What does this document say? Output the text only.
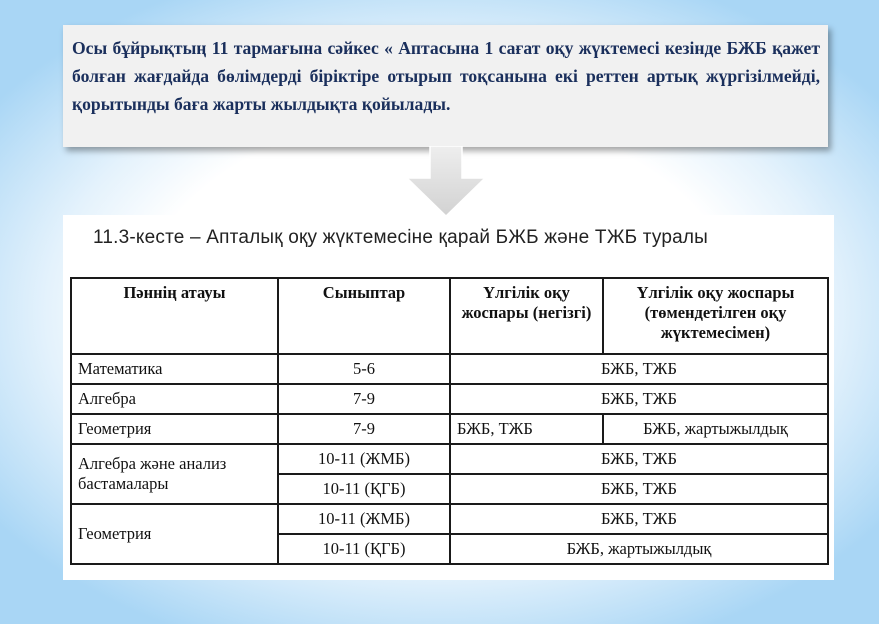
Осы бұйрықтың 11 тармағына сәйкес « Аптасына 1 сағат оқу жүктемесі кезінде БЖБ қажет болған жағдайда бөлімдерді біріктіре отырып тоқсанына екі реттен артық жүргізілмейді, қорытынды баға жарты жылдықта қойылады.

11.3-кесте – Апталық оқу жүктемесіне қарай БЖБ және ТЖБ туралы
Пәннің атауы	Сыныптар	Үлгілік оқу жоспары (негізгі)	Үлгілік оқу жоспары (төмендетілген оқу жүктемесімен)
Математика	5-6	БЖБ, ТЖБ	
Алгебра	7-9	БЖБ, ТЖБ	
Геометрия	7-9	БЖБ, ТЖБ	БЖБ, жартыжылдық
Алгебра және анализ бастамалары	10-11 (ЖМБ)	БЖБ, ТЖБ	
	10-11 (ҚГБ)	БЖБ, ТЖБ	
Геометрия	10-11 (ЖМБ)	БЖБ, ТЖБ	
	10-11 (ҚГБ)	БЖБ, жартыжылдық	
